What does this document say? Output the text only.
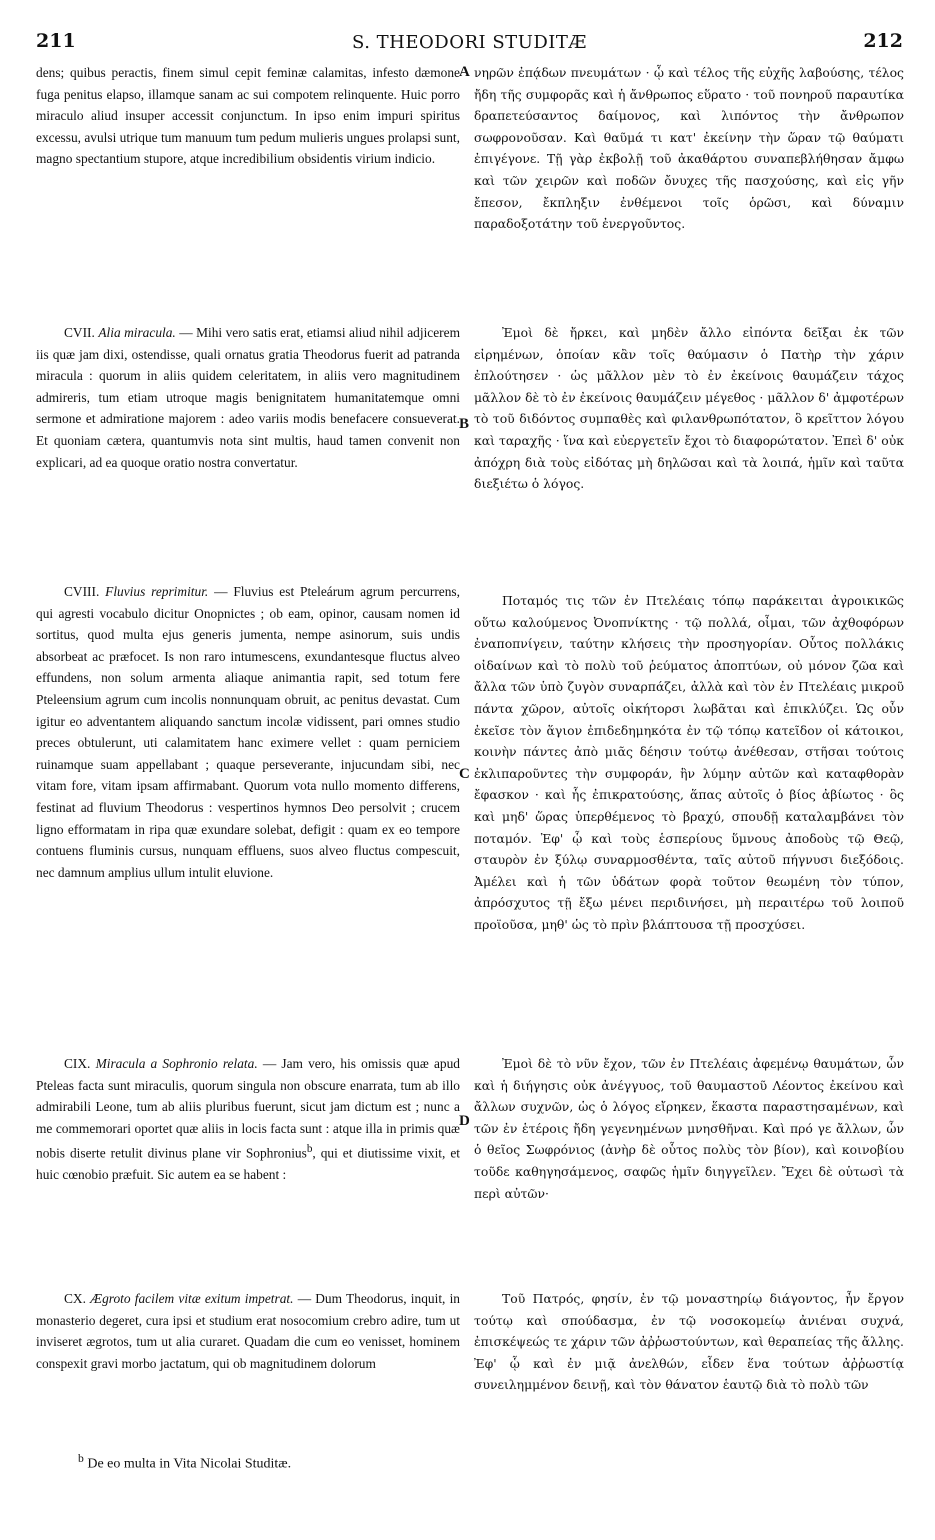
211	S. THEODORI STUDITÆ	212

dens; quibus peractis, finem simul cepit feminæ calamitas, infesto dæmone fuga penitus elapso, illamque sanam ac sui compotem relinquente. Huic porro miraculo aliud insuper accessit conjunctum. In ipso enim impuri spiritus excessu, avulsi utrique tum manuum tum pedum mulieris ungues prolapsi sunt, magno spectantium stupore, atque incredibilium obsidentis virium indicio.

CVII. Alia miracula. — Mihi vero satis erat, etiamsi aliud nihil adjicerem iis quæ jam dixi, ostendisse, quali ornatus gratia Theodorus fuerit ad patranda miracula : quorum in aliis quidem celeritatem, in aliis vero magnitudinem admireris, tum etiam utroque magis benignitatem humanitatemque omni sermone et admiratione majorem : adeo variis modis benefacere consueverat. Et quoniam cætera, quantumvis nota sint multis, haud tamen convenit non explicari, ad ea quoque oratio nostra convertatur.

CVIII. Fluvius reprimitur. — Fluvius est Pteleárum agrum percurrens, qui agresti vocabulo dicitur Onopnictes ; ob eam, opinor, causam nomen id sortitus, quod multa ejus generis jumenta, nempe asinorum, suis undis absorbeat ac præfocet. Is non raro intumescens, exundantesque fluctus alveo effundens, non solum armenta aliaque animantia rapit, sed totum fere Pteleensium agrum cum incolis nonnunquam obruit, ac penitus devastat. Cum igitur eo adventantem aliquando sanctum incolæ vidissent, pari omnes studio preces obtulerunt, uti calamitatem hanc eximere vellet : quam perniciem ruinamque suam appellabant ; quaque perseverante, injucundam sibi, nec vitam fore, vitam ipsam affirmabant. Quorum vota nullo momento differens, festinat ad fluvium Theodorus : vespertinos hymnos Deo persolvit ; crucem ligno efformatam in ripa quæ exundare solebat, defigit : quam ex eo tempore contuens fluminis cursus, nunquam effluens, suos alveo fluctus compescuit, nec damnum amplius ullum intulit eluvione.

CIX. Miracula a Sophronio relata. — Jam vero, his omissis quæ apud Pteleas facta sunt miraculis, quorum singula non obscure enarrata, tum ab illo admirabili Leone, tum ab aliis pluribus fuerunt, sicut jam dictum est ; nunc a me commemorari oportet quæ aliis in locis facta sunt : atque illa in primis quæ nobis diserte retulit divinus plane vir Sophronius$^b$, qui et diutissime vixit, et huic cœnobio præfuit. Sic autem ea se habent :

CX. Ægroto facilem vitæ exitum impetrat. — Dum Theodorus, inquit, in monasterio degeret, cura ipsi et studium erat nosocomium crebro adire, tum ut inviseret ægrotos, tum ut alia curaret. Quadam die cum eo venisset, hominem conspexit gravi morbo jactatum, qui ob magnitudinem dolorum

A
B
C
D

νηρῶν ἐπᾴδων πνευμάτων · ᾧ καὶ τέλος τῆς εὐχῆς λαβούσης, τέλος ἤδη τῆς συμφορᾶς καὶ ἡ ἄνθρωπος εὕρατο · τοῦ πονηροῦ παραυτίκα δραπετεύσαντος δαίμονος, καὶ λιπόντος τὴν ἄνθρωπον σωφρονοῦσαν. Καὶ θαῦμά τι κατ' ἐκείνην τὴν ὥραν τῷ θαύματι ἐπιγέγονε. Τῇ γὰρ ἐκβολῇ τοῦ ἀκαθάρτου συναπεβλήθησαν ἄμφω καὶ τῶν χειρῶν καὶ ποδῶν ὄνυχες τῆς πασχούσης, καὶ εἰς γῆν ἔπεσον, ἔκπληξιν ἐνθέμενοι τοῖς ὁρῶσι, καὶ δύναμιν παραδοξοτάτην τοῦ ἐνεργοῦντος.

Ἐμοὶ δὲ ἤρκει, καὶ μηδὲν ἄλλο εἰπόντα δεῖξαι ἐκ τῶν εἰρημένων, ὁποίαν κἂν τοῖς θαύμασιν ὁ Πατὴρ τὴν χάριν ἐπλούτησεν · ὡς μᾶλλον μὲν τὸ ἐν ἐκείνοις θαυμάζειν τάχος μᾶλλον δὲ τὸ ἐν ἐκείνοις θαυμάζειν μέγεθος · μᾶλλον δ' ἀμφοτέρων τὸ τοῦ διδόντος συμπαθὲς καὶ φιλανθρωπότατον, ὃ κρεῖττον λόγου καὶ ταραχῆς · ἵνα καὶ εὐεργετεῖν ἔχοι τὸ διαφορώτατον. Ἐπεὶ δ' οὐκ ἀπόχρη διὰ τοὺς εἰδότας μὴ δηλῶσαι καὶ τὰ λοιπά, ἡμῖν καὶ ταῦτα διεξιέτω ὁ λόγος.

Ποταμός τις τῶν ἐν Πτελέαις τόπῳ παράκειται ἀγροικικῶς οὕτω καλούμενος Ὀνοπνίκτης · τῷ πολλά, οἶμαι, τῶν ἀχθοφόρων ἐναποπνίγειν, ταύτην κλήσεις τὴν προσηγορίαν. Οὗτος πολλάκις οἰδαίνων καὶ τὸ πολὺ τοῦ ῥεύματος ἀποπτύων, οὐ μόνον ζῶα καὶ ἄλλα τῶν ὑπὸ ζυγὸν συναρπάζει, ἀλλὰ καὶ τὸν ἐν Πτελέαις μικροῦ πάντα χῶρον, αὐτοῖς οἰκήτορσι λωβᾶται καὶ ἐπικλύζει. Ὡς οὖν ἐκεῖσε τὸν ἅγιον ἐπιδεδημηκότα ἐν τῷ τόπῳ κατεῖδον οἱ κάτοικοι, κοινὴν πάντες ἀπὸ μιᾶς δέησιν τούτῳ ἀνέθεσαν, στῆσαι τούτοις ἐκλιπαροῦντες τὴν συμφοράν, ἣν λύμην αὐτῶν καὶ καταφθορὰν ἔφασκον · καὶ ἧς ἐπικρατούσης, ἅπας αὐτοῖς ὁ βίος ἀβίωτος · ὃς καὶ μηδ' ὥρας ὑπερθέμενος τὸ βραχύ, σπουδῇ καταλαμβάνει τὸν ποταμόν. Ἐφ' ᾧ καὶ τοὺς ἑσπερίους ὕμνους ἀποδοὺς τῷ Θεῷ, σταυρὸν ἐν ξύλῳ συναρμοσθέντα, ταῖς αὐτοῦ πήγνυσι διεξόδοις. Ἀμέλει καὶ ἡ τῶν ὑδάτων φορὰ τοῦτον θεωμένη τὸν τύπον, ἀπρόσχυτος τῇ ἔξω μένει περιδινήσει, μὴ περαιτέρω τοῦ λοιποῦ προϊοῦσα, μηθ' ὡς τὸ πρὶν βλάπτουσα τῇ προσχύσει.

Ἐμοὶ δὲ τὸ νῦν ἔχον, τῶν ἐν Πτελέαις ἀφεμένῳ θαυμάτων, ὧν καὶ ἡ διήγησις οὐκ ἀνέγγυος, τοῦ θαυμαστοῦ Λέοντος ἐκείνου καὶ ἄλλων συχνῶν, ὡς ὁ λόγος εἴρηκεν, ἕκαστα παραστησαμένων, καὶ τῶν ἐν ἑτέροις ἤδη γεγενημένων μνησθῆναι. Καὶ πρό γε ἄλλων, ὧν ὁ θεῖος Σωφρόνιος (ἀνὴρ δὲ οὗτος πολὺς τὸν βίον), καὶ κοινοβίου τοῦδε καθηγησάμενος, σαφῶς ἡμῖν διηγγεῖλεν. Ἔχει δὲ οὑτωσὶ τὰ περὶ αὐτῶν·

Τοῦ Πατρός, φησίν, ἐν τῷ μοναστηρίῳ διάγοντος, ἦν ἔργον τούτῳ καὶ σπούδασμα, ἐν τῷ νοσοκομείῳ ἀνιέναι συχνά, ἐπισκέψεώς τε χάριν τῶν ἀῤῥωστούντων, καὶ θεραπείας τῆς ἄλλης. Ἐφ' ᾧ καὶ ἐν μιᾷ ἀνελθών, εἶδεν ἕνα τούτων ἀῤῥωστίᾳ συνειλημμένον δεινῇ, καὶ τὸν θάνατον ἑαυτῷ διὰ τὸ πολὺ τῶν

$^b$ De eo multa in Vita Nicolai Studitæ.
